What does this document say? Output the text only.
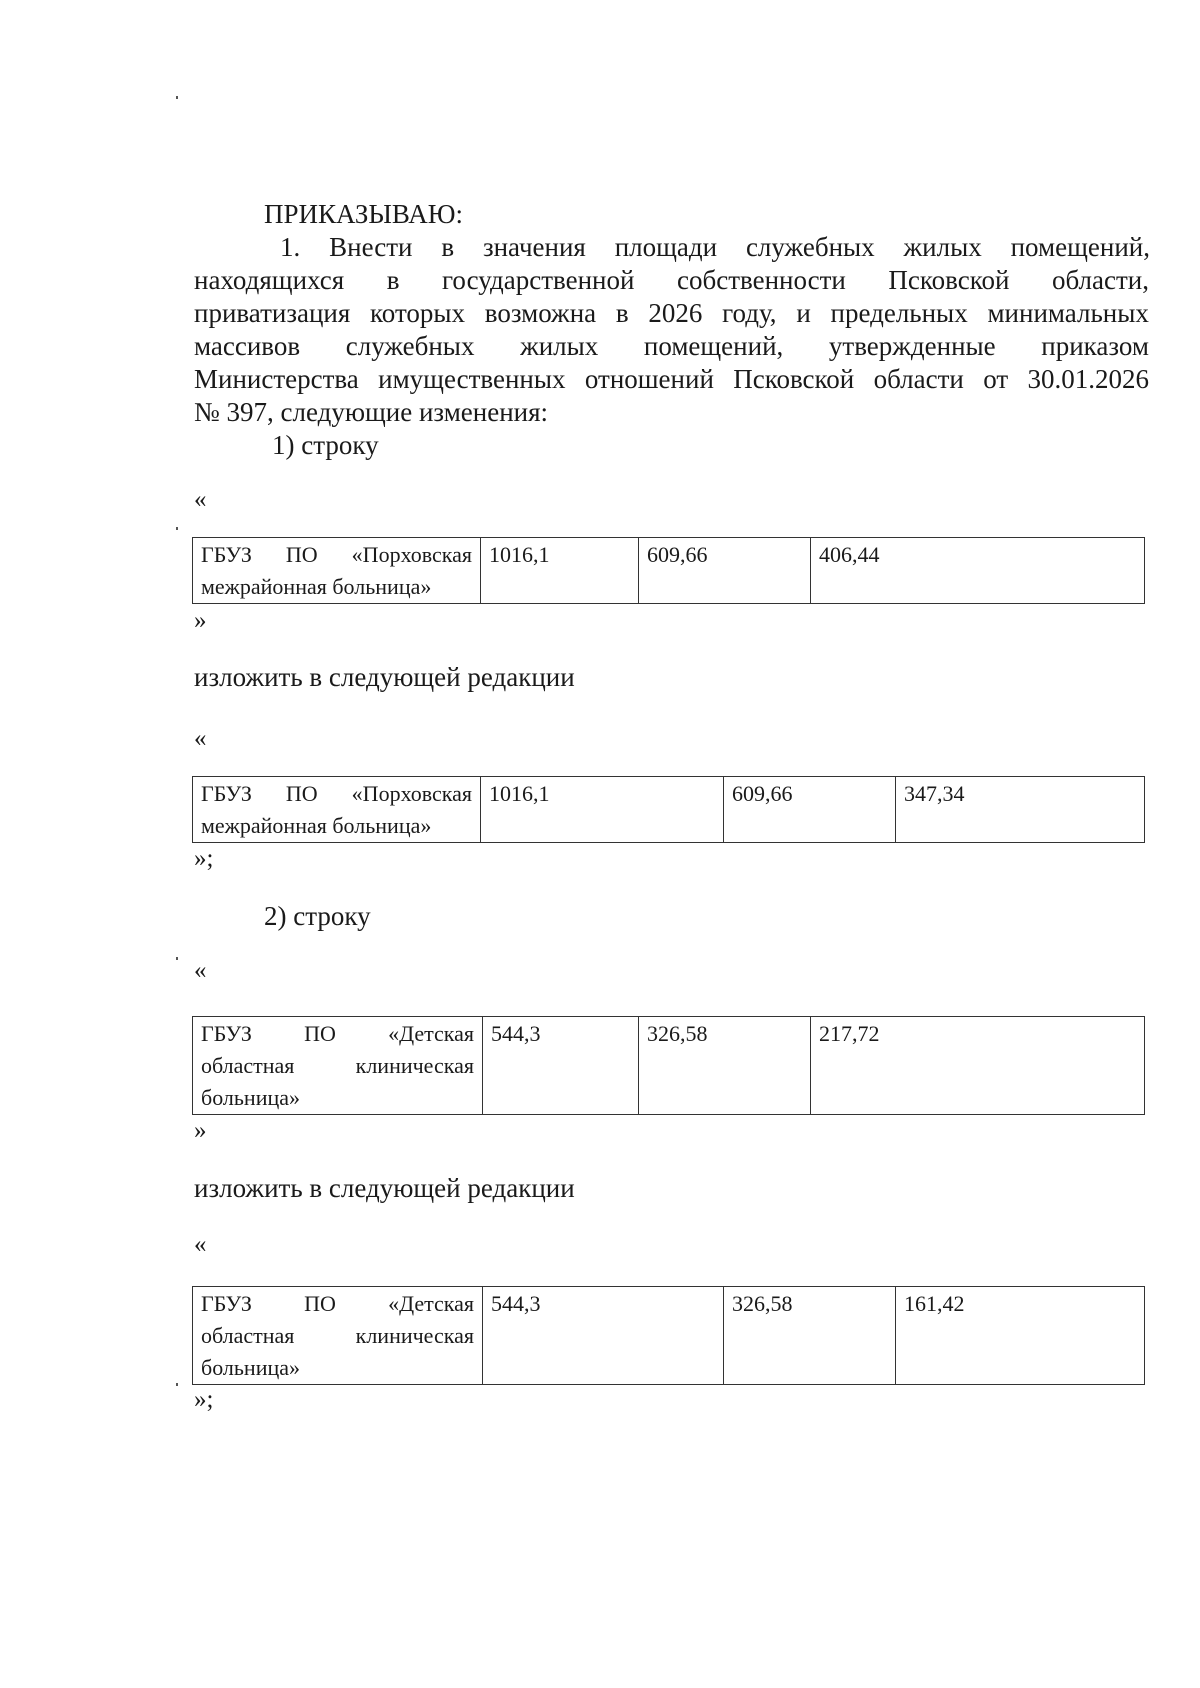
ПРИКАЗЫВАЮ:
1. Внести в значения площади служебных жилых помещений,
находящихся в государственной собственности Псковской области,
приватизация которых возможна в 2026 году, и предельных минимальных
массивов служебных жилых помещений, утвержденные приказом
Министерства имущественных отношений Псковской области от 30.01.2026
№ 397, следующие изменения:
1) строку
«
ГБУЗ ПО «Порховская
межрайонная больница»
	1016,1	609,66	406,44
»
изложить в следующей редакции
«
ГБУЗ ПО «Порховская
межрайонная больница»
	1016,1	609,66	347,34
»;
2) строку
«
ГБУЗ ПО «Детская
областная клиническая
больница»
	544,3	326,58	217,72
»
изложить в следующей редакции
«
ГБУЗ ПО «Детская
областная клиническая
больница»
	544,3	326,58	161,42
»;
